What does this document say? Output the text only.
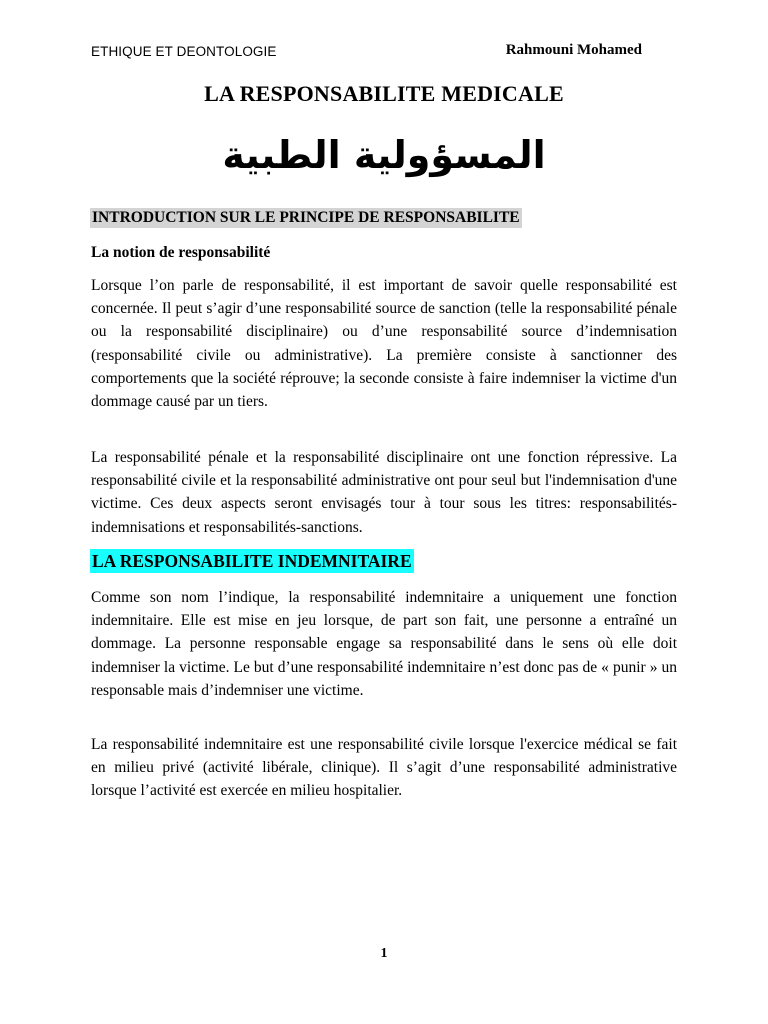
ETHIQUE ET DEONTOLOGIE	Rahmouni Mohamed
LA RESPONSABILITE MEDICALE
المسؤولية الطبية
INTRODUCTION SUR LE PRINCIPE DE RESPONSABILITE
La notion de responsabilité
Lorsque l’on parle de responsabilité, il est important de savoir quelle responsabilité est concernée. Il peut s’agir d’une responsabilité source de sanction (telle la responsabilité pénale ou la responsabilité disciplinaire) ou d’une responsabilité source d’indemnisation (responsabilité civile ou administrative). La première consiste à sanctionner des comportements que la société réprouve; la seconde consiste à faire indemniser la victime d'un dommage causé par un tiers.
La responsabilité pénale et la responsabilité disciplinaire ont une fonction répressive. La responsabilité civile et la responsabilité administrative ont pour seul but l'indemnisation d'une victime. Ces deux aspects seront envisagés tour à tour sous les titres: responsabilités-indemnisations et responsabilités-sanctions.
LA RESPONSABILITE INDEMNITAIRE
Comme son nom l’indique, la responsabilité indemnitaire a uniquement une fonction indemnitaire. Elle est mise en jeu lorsque, de part son fait, une personne a entraîné un dommage. La personne responsable engage sa responsabilité dans le sens où elle doit indemniser la victime. Le but d’une responsabilité indemnitaire n’est donc pas de « punir » un responsable mais d’indemniser une victime.
La responsabilité indemnitaire est une responsabilité civile lorsque l'exercice médical se fait en milieu privé (activité libérale, clinique). Il s’agit d’une responsabilité administrative lorsque l’activité est exercée en milieu hospitalier.
1
